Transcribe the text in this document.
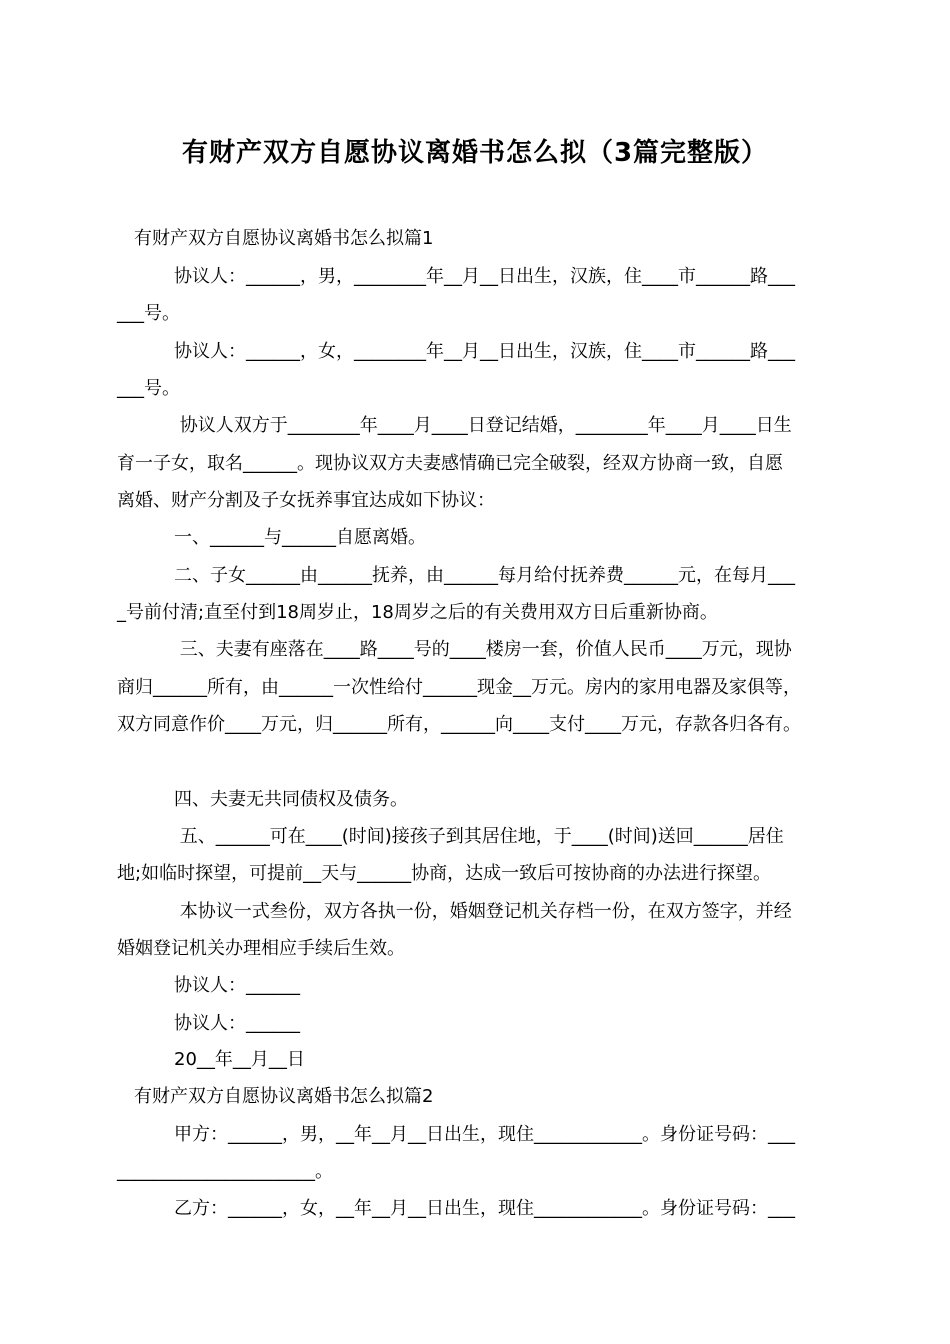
有财产双方自愿协议离婚书怎么拟（3篇完整版）
有财产双方自愿协议离婚书怎么拟篇1
协议人：______，男，________年__月__日出生，汉族，住____市______路___
___号。
协议人：______，女，________年__月__日出生，汉族，住____市______路___
___号。
协议人双方于________年____月____日登记结婚，________年____月____日生
育一子女，取名______。现协议双方夫妻感情确已完全破裂，经双方协商一致，自愿
离婚、财产分割及子女抚养事宜达成如下协议：
一、______与______自愿离婚。
二、子女______由______抚养，由______每月给付抚养费______元，在每月___
_号前付清;直至付到18周岁止，18周岁之后的有关费用双方日后重新协商。
三、夫妻有座落在____路____号的____楼房一套，价值人民币____万元，现协
商归______所有，由______一次性给付______现金__万元。房内的家用电器及家俱等，
双方同意作价____万元，归______所有，______向____支付____万元，存款各归各有。
四、夫妻无共同债权及债务。
五、______可在____(时间)接孩子到其居住地，于____(时间)送回______居住
地;如临时探望，可提前__天与______协商，达成一致后可按协商的办法进行探望。
本协议一式叁份，双方各执一份，婚姻登记机关存档一份，在双方签字，并经
婚姻登记机关办理相应手续后生效。
协议人：______
协议人：______
20__年__月__日
有财产双方自愿协议离婚书怎么拟篇2
甲方：______，男，__年__月__日出生，现住____________。身份证号码：___
______________________。
乙方：______，女，__年__月__日出生，现住____________。身份证号码：___
